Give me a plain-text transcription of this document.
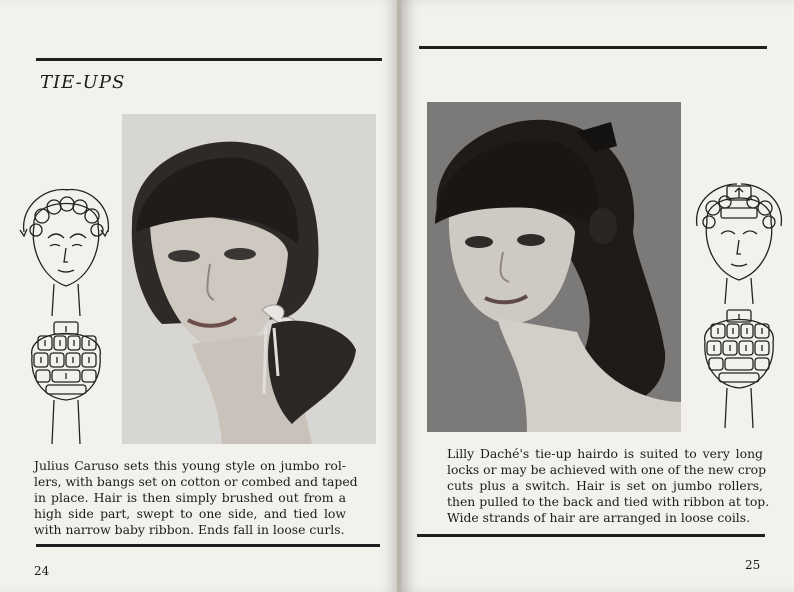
TIE-UPS
Julius Caruso sets this young style on jumbo rol-
lers, with bangs set on cotton or combed and taped
in place. Hair is then simply brushed out from a
high side part, swept to one side, and tied low
with narrow baby ribbon. Ends fall in loose curls.
24
Lilly Daché's tie-up hairdo is suited to very long
locks or may be achieved with one of the new crop
cuts plus a switch. Hair is set on jumbo rollers,
then pulled to the back and tied with ribbon at top.
Wide strands of hair are arranged in loose coils.
25
